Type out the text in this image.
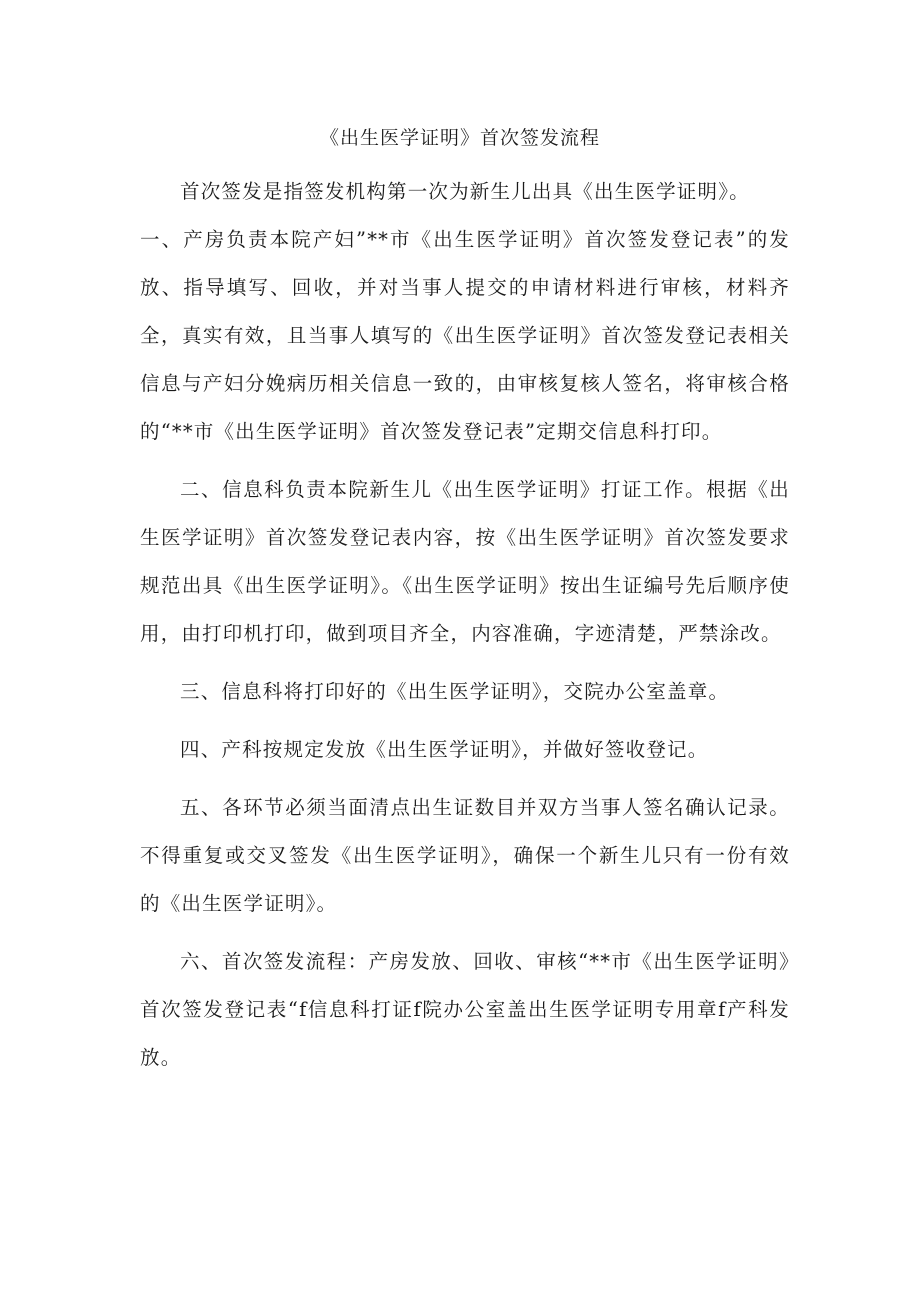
《出生医学证明》首次签发流程

首次签发是指签发机构第一次为新生儿出具《出生医学证明》。

一、产房负责本院产妇”**市《出生医学证明》首次签发登记表”的发放、指导填写、回收，并对当事人提交的申请材料进行审核，材料齐全，真实有效，且当事人填写的《出生医学证明》首次签发登记表相关信息与产妇分娩病历相关信息一致的，由审核复核人签名，将审核合格的“**市《出生医学证明》首次签发登记表”定期交信息科打印。

二、信息科负责本院新生儿《出生医学证明》打证工作。根据《出生医学证明》首次签发登记表内容，按《出生医学证明》首次签发要求规范出具《出生医学证明》。《出生医学证明》按出生证编号先后顺序使用，由打印机打印，做到项目齐全，内容准确，字迹清楚，严禁涂改。

三、信息科将打印好的《出生医学证明》，交院办公室盖章。

四、产科按规定发放《出生医学证明》，并做好签收登记。

五、各环节必须当面清点出生证数目并双方当事人签名确认记录。不得重复或交叉签发《出生医学证明》，确保一个新生儿只有一份有效的《出生医学证明》。

六、首次签发流程：产房发放、回收、审核“**市《出生医学证明》首次签发登记表“f信息科打证f院办公室盖出生医学证明专用章f产科发放。
